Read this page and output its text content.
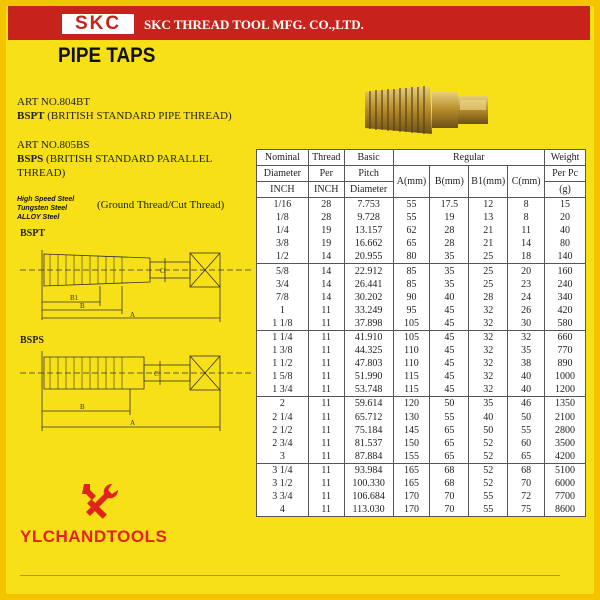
SKC	SKC THREAD TOOL MFG. CO.,LTD.
PIPE TAPS
ART NO.804BT
BSPT (BRITISH STANDARD PIPE THREAD)
ART NO.805BS
BSPS (BRITISH STANDARD PARALLEL
THREAD)
High Speed Steel
Tungsten Steel
ALLOY Steel
(Ground Thread/Cut Thread)
BSPT
BSPS
B1
B
A
C
B
A
C
Nominal	Thread	Basic	Regular				Weight
Diameter	Per	Pitch	A(mm)	B(mm)	B1(mm)	C(mm)	Per Pc
INCH	INCH	Diameter					(g)
1/16	28	7.753	55	17.5	12	8	15
1/8	28	9.728	55	19	13	8	20
1/4	19	13.157	62	28	21	11	40
3/8	19	16.662	65	28	21	14	80
1/2	14	20.955	80	35	25	18	140
5/8	14	22.912	85	35	25	20	160
3/4	14	26.441	85	35	25	23	240
7/8	14	30.202	90	40	28	24	340
1	11	33.249	95	45	32	26	420
1 1/8	11	37.898	105	45	32	30	580
1 1/4	11	41.910	105	45	32	32	660
1 3/8	11	44.325	110	45	32	35	770
1 1/2	11	47.803	110	45	32	38	890
1 5/8	11	51.990	115	45	32	40	1000
1 3/4	11	53.748	115	45	32	40	1200
2	11	59.614	120	50	35	46	1350
2 1/4	11	65.712	130	55	40	50	2100
2 1/2	11	75.184	145	65	50	55	2800
2 3/4	11	81.537	150	65	52	60	3500
3	11	87.884	155	65	52	65	4200
3 1/4	11	93.984	165	68	52	68	5100
3 1/2	11	100.330	165	68	52	70	6000
3 3/4	11	106.684	170	70	55	72	7700
4	11	113.030	170	70	55	75	8600
YLCHANDTOOLS
